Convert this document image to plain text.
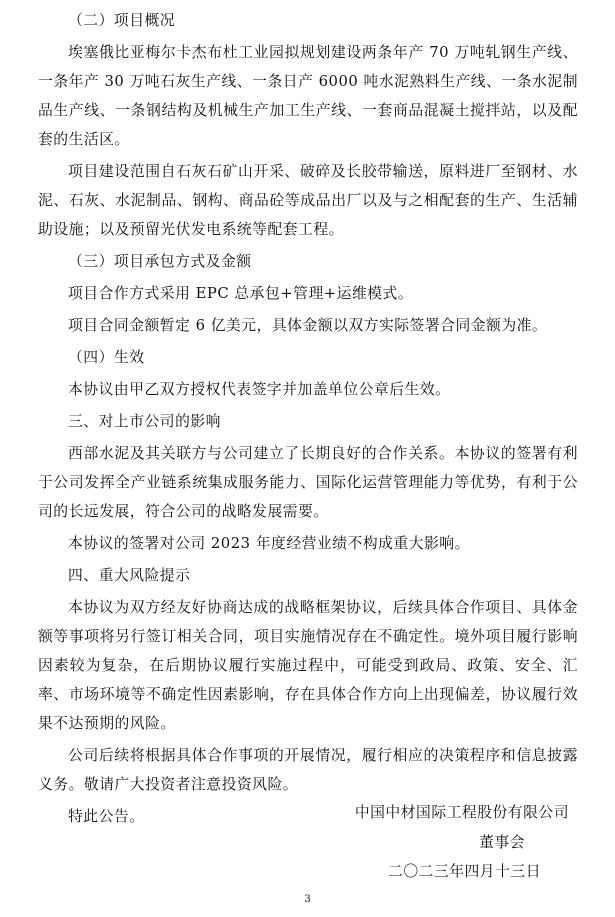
（二）项目概况

埃塞俄比亚梅尔卡杰布杜工业园拟规划建设两条年产 70 万吨轧钢生产线、一条年产 30 万吨石灰生产线、一条日产 6000 吨水泥熟料生产线、一条水泥制品生产线、一条钢结构及机械生产加工生产线、一套商品混凝土搅拌站，以及配套的生活区。

项目建设范围自石灰石矿山开采、破碎及长胶带输送，原料进厂至钢材、水泥、石灰、水泥制品、钢构、商品砼等成品出厂以及与之相配套的生产、生活辅助设施；以及预留光伏发电系统等配套工程。

（三）项目承包方式及金额

项目合作方式采用 EPC 总承包+管理+运维模式。

项目合同金额暂定 6 亿美元，具体金额以双方实际签署合同金额为准。

（四）生效

本协议由甲乙双方授权代表签字并加盖单位公章后生效。

三、对上市公司的影响

西部水泥及其关联方与公司建立了长期良好的合作关系。本协议的签署有利于公司发挥全产业链系统集成服务能力、国际化运营管理能力等优势，有利于公司的长远发展，符合公司的战略发展需要。

本协议的签署对公司 2023 年度经营业绩不构成重大影响。

四、重大风险提示

本协议为双方经友好协商达成的战略框架协议，后续具体合作项目、具体金额等事项将另行签订相关合同，项目实施情况存在不确定性。境外项目履行影响因素较为复杂，在后期协议履行实施过程中，可能受到政局、政策、安全、汇率、市场环境等不确定性因素影响，存在具体合作方向上出现偏差，协议履行效果不达预期的风险。

公司后续将根据具体合作事项的开展情况，履行相应的决策程序和信息披露义务。敬请广大投资者注意投资风险。

特此公告。	中国中材国际工程股份有限公司

董事会

二〇二三年四月十三日

3
